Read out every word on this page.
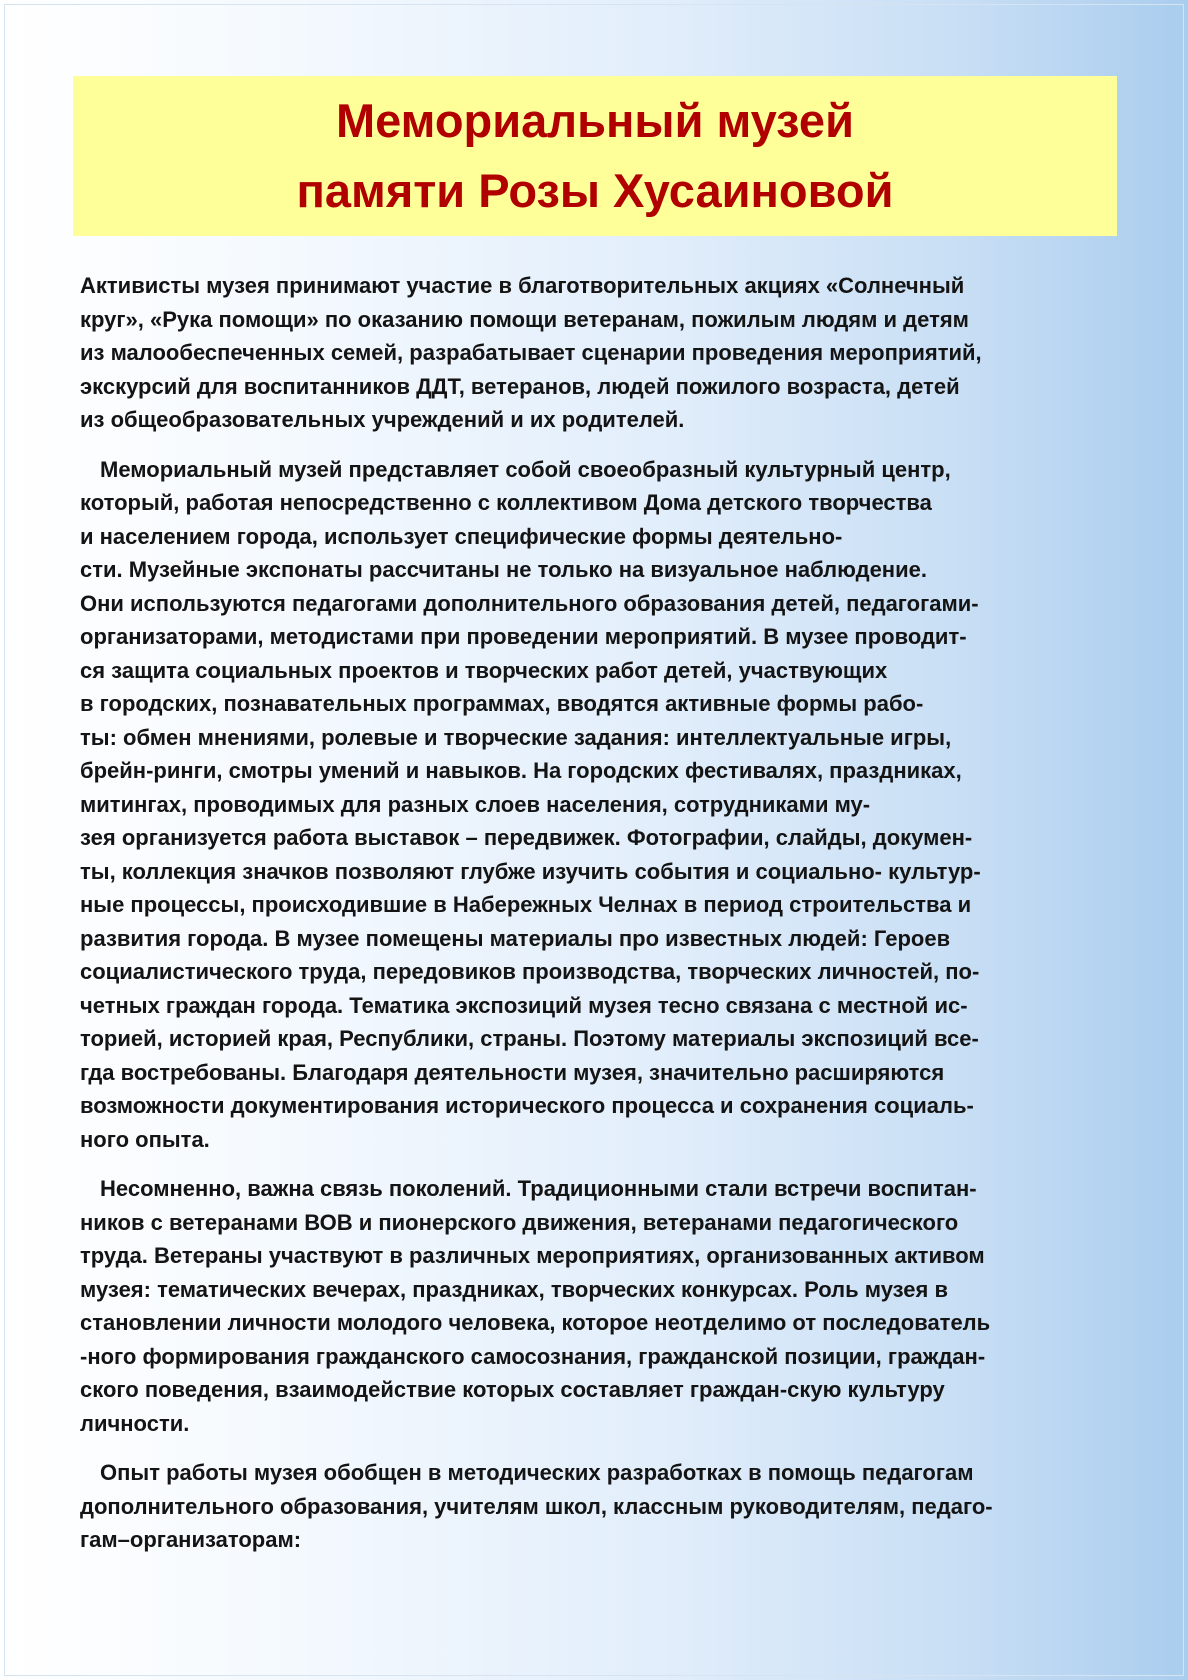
Мемориальный музей
памяти Розы Хусаиновой
Активисты музея принимают участие в благотворительных акциях «Солнечный
круг», «Рука помощи» по оказанию помощи ветеранам, пожилым людям и детям
из малообеспеченных семей, разрабатывает сценарии проведения мероприятий,
экскурсий для воспитанников ДДТ, ветеранов, людей пожилого возраста, детей
из общеобразовательных учреждений и их родителей.
Мемориальный музей представляет собой своеобразный культурный центр,
который, работая непосредственно с коллективом Дома детского творчества
и населением города, использует специфические формы деятельно-
сти. Музейные экспонаты рассчитаны не только на визуальное наблюдение.
Они используются педагогами дополнительного образования детей, педагогами-
организаторами, методистами при проведении мероприятий. В музее проводит-
ся защита социальных проектов и творческих работ детей, участвующих
в городских, познавательных программах, вводятся активные формы рабо-
ты: обмен мнениями, ролевые и творческие задания: интеллектуальные игры,
брейн-ринги, смотры умений и навыков. На городских фестивалях, праздниках,
митингах, проводимых для разных слоев населения, сотрудниками му-
зея организуется работа выставок – передвижек. Фотографии, слайды, докумен-
ты, коллекция значков позволяют глубже изучить события и социально- культур-
ные процессы, происходившие в Набережных Челнах в период строительства и
развития города. В музее помещены материалы про известных людей: Героев
социалистического труда, передовиков производства, творческих личностей, по-
четных граждан города. Тематика экспозиций музея тесно связана с местной ис-
торией, историей края, Республики, страны. Поэтому материалы экспозиций все-
гда востребованы. Благодаря деятельности музея, значительно расширяются
возможности документирования исторического процесса и сохранения социаль-
ного опыта.
Несомненно, важна связь поколений. Традиционными стали встречи воспитан-
ников с ветеранами ВОВ и пионерского движения, ветеранами педагогического
труда. Ветераны участвуют в различных мероприятиях, организованных активом
музея: тематических вечерах, праздниках, творческих конкурсах. Роль музея в
становлении личности молодого человека, которое неотделимо от последователь
-ного формирования гражданского самосознания, гражданской позиции, граждан-
ского поведения, взаимодействие которых составляет граждан-скую культуру
личности.
Опыт работы музея обобщен в методических разработках в помощь педагогам
дополнительного образования, учителям школ, классным руководителям, педаго-
гам–организаторам:
